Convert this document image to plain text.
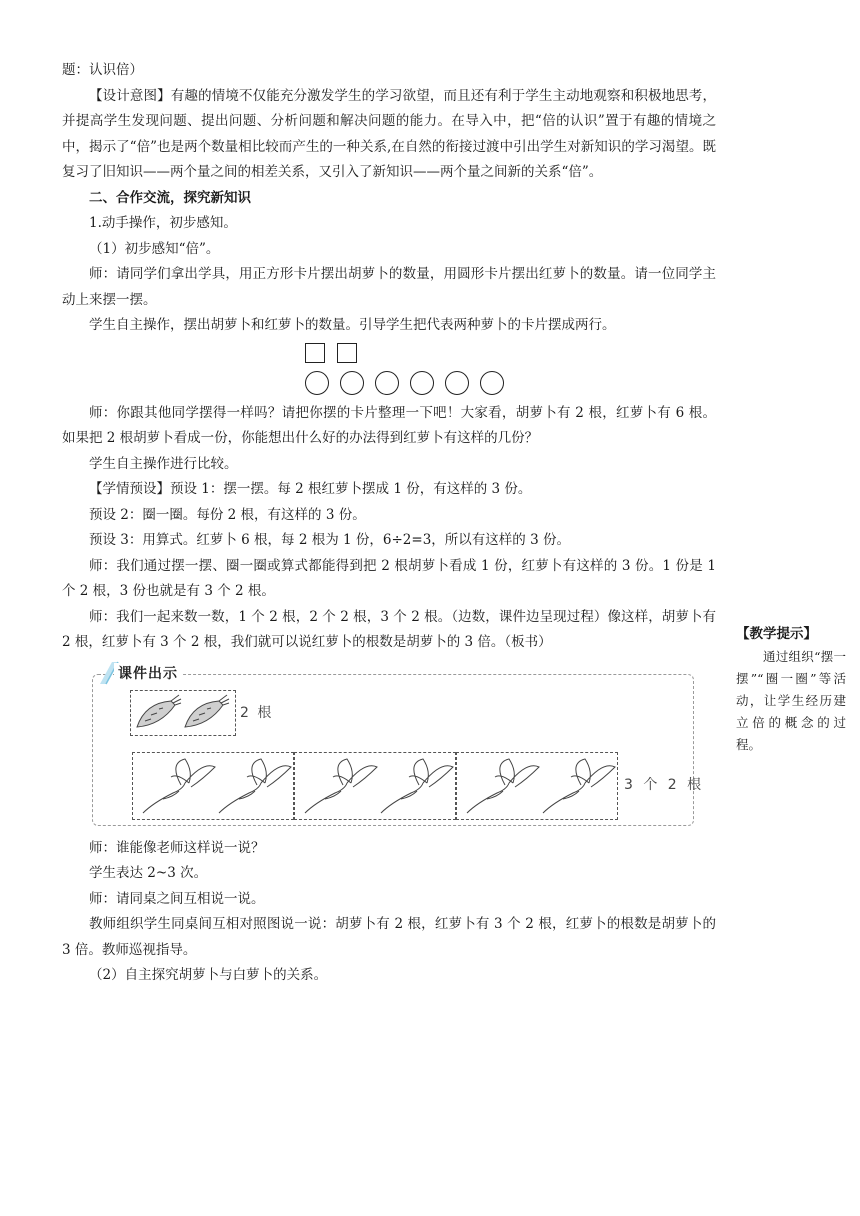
题：认识倍）

【设计意图】有趣的情境不仅能充分激发学生的学习欲望，而且还有利于学生主动地观察和积极地思考，并提高学生发现问题、提出问题、分析问题和解决问题的能力。在导入中，把“倍的认识”置于有趣的情境之中，揭示了“倍”也是两个数量相比较而产生的一种关系,在自然的衔接过渡中引出学生对新知识的学习渴望。既复习了旧知识——两个量之间的相差关系，又引入了新知识——两个量之间新的关系“倍”。

二、合作交流，探究新知识

1.动手操作，初步感知。

（1）初步感知“倍”。

师：请同学们拿出学具，用正方形卡片摆出胡萝卜的数量，用圆形卡片摆出红萝卜的数量。请一位同学主动上来摆一摆。

学生自主操作，摆出胡萝卜和红萝卜的数量。引导学生把代表两种萝卜的卡片摆成两行。

师：你跟其他同学摆得一样吗？请把你摆的卡片整理一下吧！大家看，胡萝卜有 2 根，红萝卜有 6 根。如果把 2 根胡萝卜看成一份，你能想出什么好的办法得到红萝卜有这样的几份？

学生自主操作进行比较。

【学情预设】预设 1：摆一摆。每 2 根红萝卜摆成 1 份，有这样的 3 份。

预设 2：圈一圈。每份 2 根，有这样的 3 份。

预设 3：用算式。红萝卜 6 根，每 2 根为 1 份，6÷2=3，所以有这样的 3 份。

师：我们通过摆一摆、圈一圈或算式都能得到把 2 根胡萝卜看成 1 份，红萝卜有这样的 3 份。1 份是 1 个 2 根，3 份也就是有 3 个 2 根。

师：我们一起来数一数，1 个 2 根，2 个 2 根，3 个 2 根。（边数，课件边呈现过程）像这样，胡萝卜有 2 根，红萝卜有 3 个 2 根，我们就可以说红萝卜的根数是胡萝卜的 3 倍。（板书）

课件出示
2 根
3 个 2 根

师：谁能像老师这样说一说？

学生表达 2~3 次。

师：请同桌之间互相说一说。

教师组织学生同桌间互相对照图说一说：胡萝卜有 2 根，红萝卜有 3 个 2 根，红萝卜的根数是胡萝卜的 3 倍。教师巡视指导。

（2）自主探究胡萝卜与白萝卜的关系。

【教学提示】

通过组织“摆一摆”“圈一圈”等活动，让学生经历建立倍的概念的过程。
